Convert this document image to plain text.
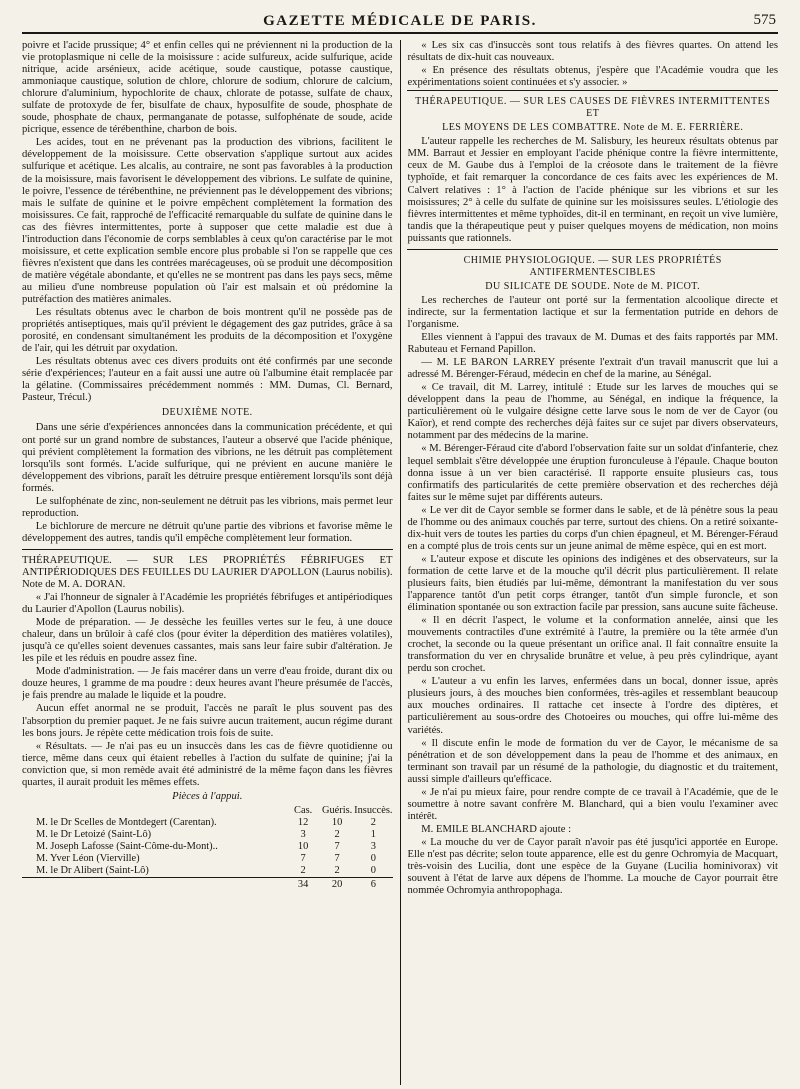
GAZETTE MÉDICALE DE PARIS.	575

poivre et l'acide prussique; 4° et enfin celles qui ne préviennent ni la production de la vie protoplasmique ni celle de la moisissure : acide sulfureux, acide sulfurique, acide nitrique, acide arsénieux, acide acétique, soude caustique, potasse caustique, ammoniaque caustique, solution de chlore, chlorure de sodium, chlorure de calcium, chlorure d'aluminium, hypochlorite de chaux, chlorate de potasse, sulfate de chaux, sulfate de protoxyde de fer, bisulfate de chaux, hyposulfite de soude, phosphate de soude, phosphate de chaux, permanganate de potasse, sulfophénate de soude, acide picrique, essence de térébenthine, charbon de bois.

Les acides, tout en ne prévenant pas la production des vibrions, facilitent le développement de la moisissure. Cette observation s'applique surtout aux acides sulfurique et acétique. Les alcalis, au contraire, ne sont pas favorables à la production de la moisissure, mais favorisent le développement des vibrions. Le sulfate de quinine, le poivre, l'essence de térébenthine, ne préviennent pas le développement des vibrions; mais le sulfate de quinine et le poivre empêchent complètement la formation des moisissures. Ce fait, rapproché de l'efficacité remarquable du sulfate de quinine dans le cas des fièvres intermittentes, porte à supposer que cette maladie est due à l'introduction dans l'économie de corps semblables à ceux qu'on caractérise par le mot moisissure, et cette explication semble encore plus probable si l'on se rappelle que ces fièvres n'existent que dans les contrées marécageuses, où se produit une décomposition de matière végétale abondante, et qu'elles ne se montrent pas dans les pays secs, même au milieu d'une nombreuse population où l'air est malsain et où prédomine la putréfaction des matières animales.

Les résultats obtenus avec le charbon de bois montrent qu'il ne possède pas de propriétés antiseptiques, mais qu'il prévient le dégagement des gaz putrides, grâce à sa porosité, en condensant simultanément les produits de la décomposition et l'oxygène de l'air, qui les détruit par oxydation.

Les résultats obtenus avec ces divers produits ont été confirmés par une seconde série d'expériences; l'auteur en a fait aussi une autre où l'albumine était remplacée par la gélatine. (Commissaires précédemment nommés : MM. Dumas, Cl. Bernard, Pasteur, Trécul.)

DEUXIÈME NOTE.

Dans une série d'expériences annoncées dans la communication précédente, et qui ont porté sur un grand nombre de substances, l'auteur a observé que l'acide phénique, qui prévient complètement la formation des vibrions, ne les détruit pas complètement lorsqu'ils sont formés. L'acide sulfurique, qui ne prévient en aucune manière le développement des vibrions, paraît les détruire presque entièrement lorsqu'ils sont déjà formés.

Le sulfophénate de zinc, non-seulement ne détruit pas les vibrions, mais permet leur reproduction.

Le bichlorure de mercure ne détruit qu'une partie des vibrions et favorise même le développement des autres, tandis qu'il empêche complètement leur formation.

THÉRAPEUTIQUE. — SUR LES PROPRIÉTÉS FÉBRIFUGES ET ANTIPÉRIODIQUES DES FEUILLES DU LAURIER D'APOLLON (Laurus nobilis). Note de M. A. DORAN.

« J'ai l'honneur de signaler à l'Académie les propriétés fébrifuges et antipériodiques du Laurier d'Apollon (Laurus nobilis).

Mode de préparation. — Je dessèche les feuilles vertes sur le feu, à une douce chaleur, dans un brûloir à café clos (pour éviter la déperdition des matières volatiles), jusqu'à ce qu'elles soient devenues cassantes, mais sans leur faire subir d'altération. Je les pile et les réduis en poudre assez fine.

Mode d'administration. — Je fais macérer dans un verre d'eau froide, durant dix ou douze heures, 1 gramme de ma poudre : deux heures avant l'heure présumée de l'accès, je fais prendre au malade le liquide et la poudre.

Aucun effet anormal ne se produit, l'accès ne paraît le plus souvent pas des l'absorption du premier paquet. Je ne fais suivre aucun traitement, aucun régime durant les bons jours. Je répète cette médication trois fois de suite.

« Résultats. — Je n'ai pas eu un insuccès dans les cas de fièvre quotidienne ou tierce, même dans ceux qui étaient rebelles à l'action du sulfate de quinine; j'ai la conviction que, si mon remède avait été administré de la même façon dans les fièvres quartes, il aurait produit les mêmes effets.

Pièces à l'appui.

	Cas.	Guéris.	Insuccès.
M. le Dr Scelles de Montdegert (Carentan).	12	10	2
M. le Dr Letoizé (Saint-Lô)	3	2	1
M. Joseph Lafosse (Saint-Côme-du-Mont)..	10	7	3
M. Yver Léon (Vierville)	7	7	0
M. le Dr Alibert (Saint-Lô)	2	2	0
	34	20	6

« Les six cas d'insuccès sont tous relatifs à des fièvres quartes. On attend les résultats de dix-huit cas nouveaux.

« En présence des résultats obtenus, j'espère que l'Académie voudra que les expérimentations soient continuées et s'y associer. »

THÉRAPEUTIQUE. — SUR LES CAUSES DE FIÈVRES INTERMITTENTES ET

LES MOYENS DE LES COMBATTRE. Note de M. E. FERRIÈRE.

L'auteur rappelle les recherches de M. Salisbury, les heureux résultats obtenus par MM. Barraut et Jessier en employant l'acide phénique contre la fièvre intermittente, ceux de M. Gaube dus à l'emploi de la créosote dans le traitement de la fièvre typhoïde, et fait remarquer la concordance de ces faits avec les expériences de M. Calvert relatives : 1° à l'action de l'acide phénique sur les vibrions et sur les moisissures; 2° à celle du sulfate de quinine sur les moisissures seules. L'étiologie des fièvres intermittentes et même typhoïdes, dit-il en terminant, en reçoit un vive lumière, tandis que la thérapeutique peut y puiser quelques moyens de médication, non moins puissants que rationnels.

CHIMIE PHYSIOLOGIQUE. — SUR LES PROPRIÉTÉS ANTIFERMENTESCIBLES

DU SILICATE DE SOUDE. Note de M. PICOT.

Les recherches de l'auteur ont porté sur la fermentation alcoolique directe et indirecte, sur la fermentation lactique et sur la fermentation putride en dehors de l'organisme.

Elles viennent à l'appui des travaux de M. Dumas et des faits rapportés par MM. Rabuteau et Fernand Papillon.

— M. LE BARON LARREY présente l'extrait d'un travail manuscrit que lui a adressé M. Bérenger-Féraud, médecin en chef de la marine, au Sénégal.

« Ce travail, dit M. Larrey, intitulé : Etude sur les larves de mouches qui se développent dans la peau de l'homme, au Sénégal, en indique la fréquence, la particulièrement où le vulgaire désigne cette larve sous le nom de ver de Cayor (ou Kaïor), et rend compte des recherches déjà faites sur ce sujet par divers observateurs, notamment par des médecins de la marine.

« M. Bérenger-Féraud cite d'abord l'observation faite sur un soldat d'infanterie, chez lequel semblait s'être développée une éruption furonculeuse à l'épaule. Chaque bouton donna issue à un ver bien caractérisé. Il rapporte ensuite plusieurs cas, tous confirmatifs des particularités de cette première observation et des recherches déjà faites sur le même sujet par différents auteurs.

« Le ver dit de Cayor semble se former dans le sable, et de là pénètre sous la peau de l'homme ou des animaux couchés par terre, surtout des chiens. On a retiré soixante-dix-huit vers de toutes les parties du corps d'un chien épagneul, et M. Bérenger-Féraud en a compté plus de trois cents sur un jeune animal de même espèce, qui en est mort.

« L'auteur expose et discute les opinions des indigènes et des observateurs, sur la formation de cette larve et de la mouche qu'il décrit plus particulièrement. Il relate plusieurs faits, bien étudiés par lui-même, démontrant la manifestation du ver sous l'apparence tantôt d'un petit corps étranger, tantôt d'un simple furoncle, et son élimination spontanée ou son extraction facile par pression, sans aucune suite fâcheuse.

« Il en décrit l'aspect, le volume et la conformation annelée, ainsi que les mouvements contractiles d'une extrémité à l'autre, la première ou la tête armée d'un crochet, la seconde ou la queue présentant un orifice anal. Il fait connaître ensuite la transformation du ver en chrysalide brunâtre et velue, à peu près cylindrique, ayant perdu son crochet.

« L'auteur a vu enfin les larves, enfermées dans un bocal, donner issue, après plusieurs jours, à des mouches bien conformées, très-agiles et ressemblant beaucoup aux mouches ordinaires. Il rattache cet insecte à l'ordre des diptères, et particulièrement au sous-ordre des Chotoeires ou mouches, qui offre lui-même des variétés.

« Il discute enfin le mode de formation du ver de Cayor, le mécanisme de sa pénétration et de son développement dans la peau de l'homme et des animaux, en terminant son travail par un résumé de la pathologie, du diagnostic et du traitement, aussi simple d'ailleurs qu'efficace.

« Je n'ai pu mieux faire, pour rendre compte de ce travail à l'Académie, que de le soumettre à notre savant confrère M. Blanchard, qui a bien voulu l'examiner avec intérêt.

M. EMILE BLANCHARD ajoute :

« La mouche du ver de Cayor paraît n'avoir pas été jusqu'ici apportée en Europe. Elle n'est pas décrite; selon toute apparence, elle est du genre Ochromyia de Macquart, très-voisin des Lucilia, dont une espèce de la Guyane (Lucilia hominivorax) vit souvent à l'état de larve aux dépens de l'homme. La mouche de Cayor pourrait être nommée Ochromyia anthropophaga.
